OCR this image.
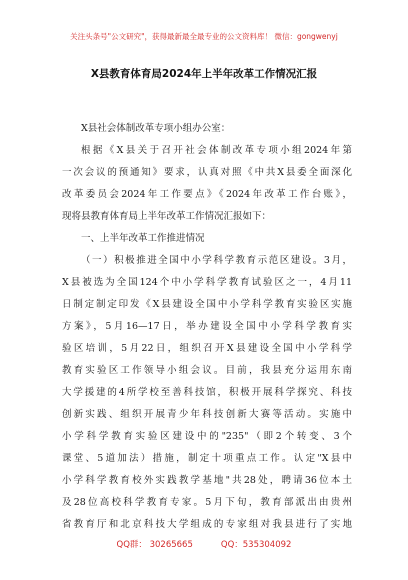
关注头条号"公文研究"，获得最新最全最专业的公文资料库！ 微信：gongwenyj
X县教育体育局2024年上半年改革工作情况汇报
X县社会体制改革专项小组办公室：
根据《X县关于召开社会体制改革专项小组2024年第
一次会议的预通知》要求，认真对照《中共X县委全面深化
改革委员会2024年工作要点》《2024年改革工作台账》，
现将县教育体育局上半年改革工作情况汇报如下：
一、上半年改革工作推进情况
（一）积极推进全国中小学科学教育示范区建设。3月，
X县被选为全国124个中小学科学教育试验区之一，4月11
日制定制定印发《X县建设全国中小学科学教育实验区实施
方案》，5月16—17日，举办建设全国中小学科学教育实
验区培训，5月22日，组织召开X县建设全国中小学科学
教育实验区工作领导小组会议。目前，我县充分运用东南
大学援建的4所学校至善科技馆，积极开展科学探究、科技
创新实践、组织开展青少年科技创新大赛等活动。实施中
小学科学教育实验区建设中的"235"（即2个转变、3个
课堂、5道加法）措施，制定十项重点工作。认定"X县中
小学科学教育校外实践教学基地"共28处，聘请36位本土
及28位高校科学教育专家。5月下旬，教育部派出由贵州
省教育厅和北京科技大学组成的专家组对我县进行了实地
QQ群： 30265665	QQ：535304092
